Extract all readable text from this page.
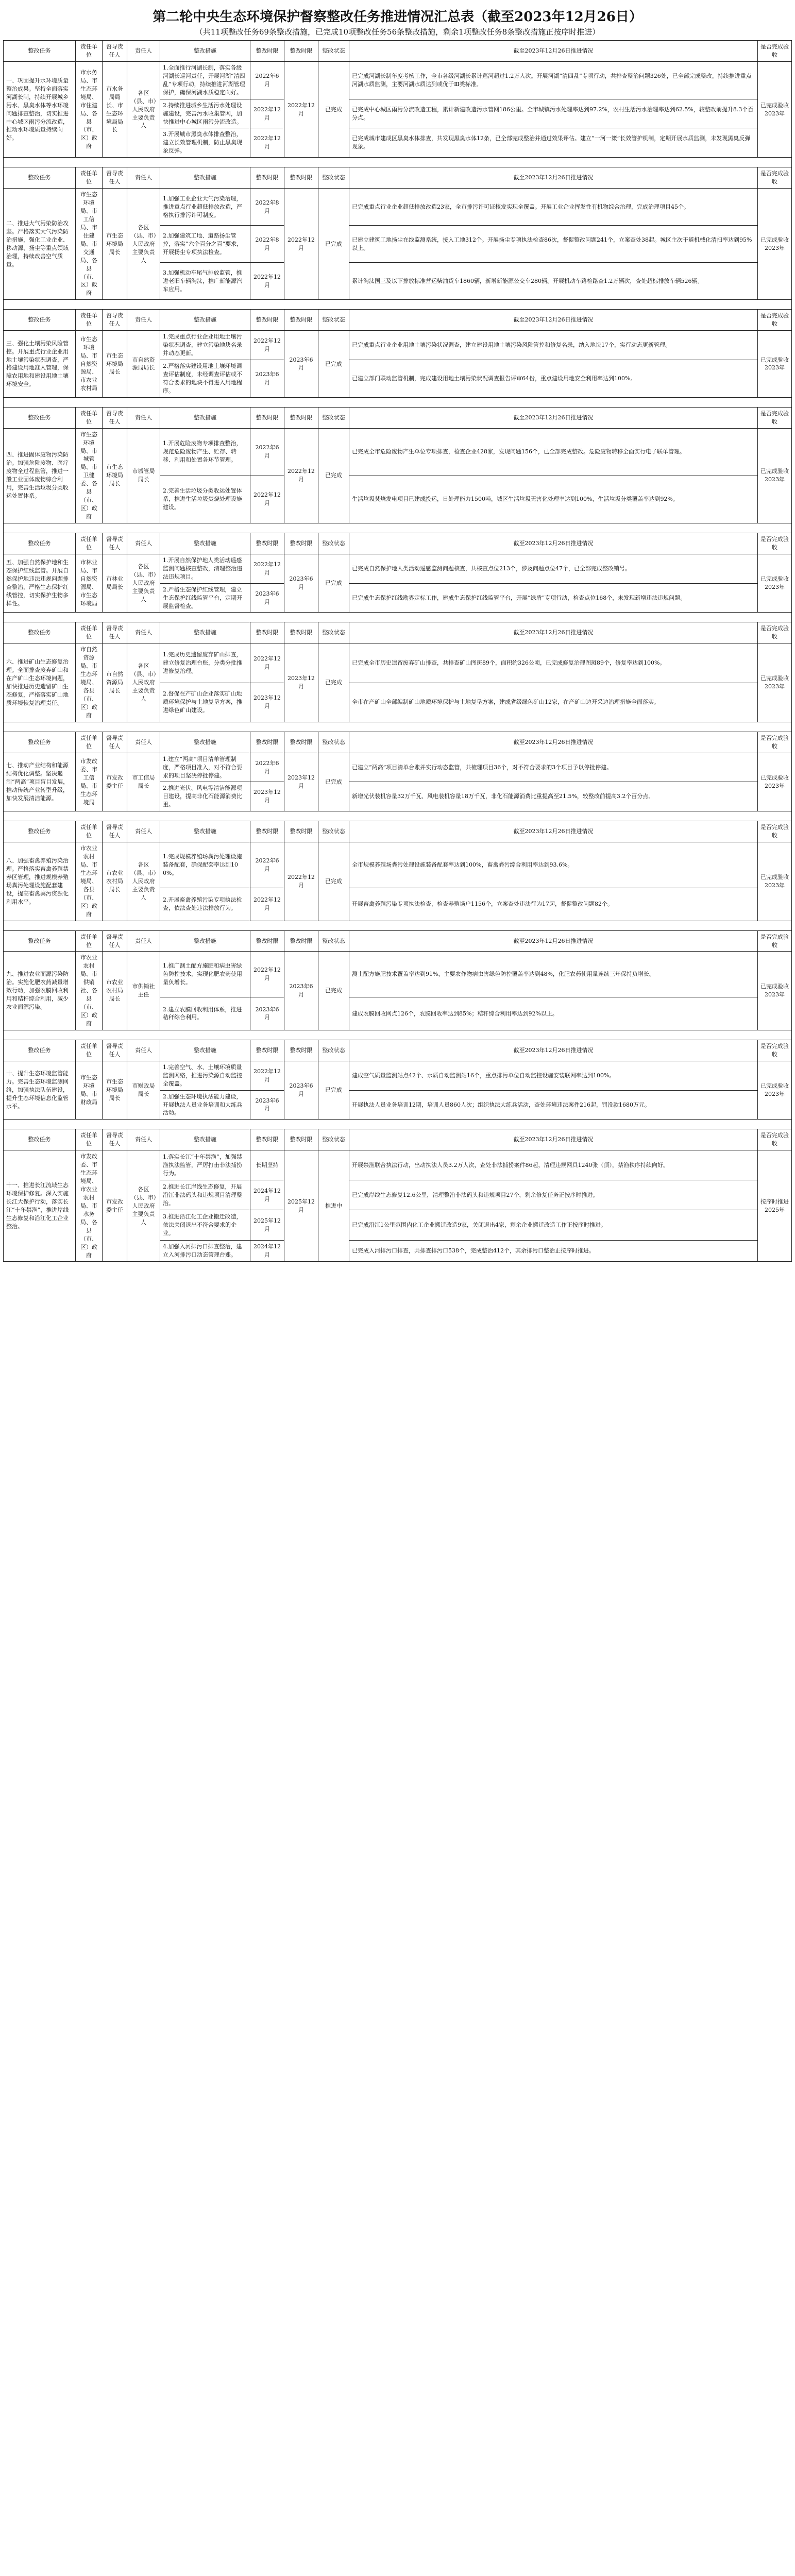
第二轮中央生态环境保护督察整改任务推进情况汇总表（截至2023年12月26日）
（共11项整改任务69条整改措施，已完成10项整改任务56条整改措施，剩余1项整改任务8条整改措施正按序时推进）
整改任务	责任单位	督导责任人	责任人	整改措施	整改时限	整改时限	整改状态	截至2023年12月26日推进情况	是否完成验收
一、巩固提升水环境质量整治成果。坚持全面落实河湖长制，持续开展城乡污水、黑臭水体等水环境问题排查整治，切实推进中心城区雨污分流改造，推动水环境质量持续向好。	市水务局、市生态环境局、市住建局、各县（市、区）政府	市水务局局长、市生态环境局局长	各区（县、市）人民政府主要负责人	1.全面推行河湖长制，落实各级河湖长巡河责任，开展河湖“清四乱”专项行动，持续推进河湖管理保护，确保河湖水质稳定向好。	2022年6月	2022年12月	已完成	已完成河湖长制年度考核工作，全市各级河湖长累计巡河超过1.2万人次。开展河湖“清四乱”专项行动，共排查整治问题326处，已全部完成整改。持续推进重点河湖水质监测，主要河湖水质达到或优于Ⅲ类标准。	已完成验收
2023年

				2.持续推进城乡生活污水处理设施建设，完善污水收集管网，加快推进中心城区雨污分流改造。	2022年12月			已完成中心城区雨污分流改造工程，累计新建改造污水管网186公里。全市城镇污水处理率达到97.2%，农村生活污水治理率达到62.5%，较整改前提升8.3个百分点。	
				3.开展城市黑臭水体排查整治，建立长效管理机制，防止黑臭现象反弹。	2022年12月			已完成城市建成区黑臭水体排查，共发现黑臭水体12条，已全部完成整治并通过效果评估。建立“一河一策”长效管护机制，定期开展水质监测，未发现黑臭反弹现象。	

整改任务	责任单位	督导责任人	责任人	整改措施	整改时限	整改时限	整改状态	截至2023年12月26日推进情况	是否完成验收
二、推进大气污染防治攻坚。严格落实大气污染防治措施，强化工业企业、移动源、扬尘等重点领域治理，持续改善空气质量。	市生态环境局、市工信局、市住建局、市交通局、各县（市、区）政府	市生态环境局局长	各区（县、市）人民政府主要负责人	1.加强工业企业大气污染治理，推进重点行业超低排放改造，严格执行排污许可制度。	2022年8月	2022年12月	已完成	已完成重点行业企业超低排放改造23家，全市排污许可证核发实现全覆盖。开展工业企业挥发性有机物综合治理，完成治理项目45个。	已完成验收
2023年

				2.加强建筑工地、道路扬尘管控，落实“六个百分之百”要求，开展扬尘专项执法检查。	2022年8月			已建立建筑工地扬尘在线监测系统，接入工地312个。开展扬尘专项执法检查86次，督促整改问题241个，立案查处38起。城区主次干道机械化清扫率达到95%以上。	
				3.加强机动车尾气排放监管，推进老旧车辆淘汰，推广新能源汽车应用。	2022年12月			累计淘汰国三及以下排放标准营运柴油货车1860辆，新增新能源公交车280辆。开展机动车路检路查1.2万辆次，查处超标排放车辆526辆。	

整改任务	责任单位	督导责任人	责任人	整改措施	整改时限	整改时限	整改状态	截至2023年12月26日推进情况	是否完成验收
三、强化土壤污染风险管控。开展重点行业企业用地土壤污染状况调查，严格建设用地准入管理，保障农用地和建设用地土壤环境安全。	市生态环境局、市自然资源局、市农业农村局	市生态环境局局长	市自然资源局局长	1.完成重点行业企业用地土壤污染状况调查，建立污染地块名录并动态更新。	2022年12月	2023年6月	已完成	已完成重点行业企业用地土壤污染状况调查，建立建设用地土壤污染风险管控和修复名录，纳入地块17个，实行动态更新管理。	已完成验收
2023年

				2.严格落实建设用地土壤环境调查评估制度，未经调查评估或不符合要求的地块不得进入用地程序。	2023年6月			已建立部门联动监管机制，完成建设用地土壤污染状况调查报告评审64份，重点建设用地安全利用率达到100%。	

整改任务	责任单位	督导责任人	责任人	整改措施	整改时限	整改时限	整改状态	截至2023年12月26日推进情况	是否完成验收
四、推进固体废物污染防治。加强危险废物、医疗废物全过程监管，推进一般工业固体废物综合利用，完善生活垃圾分类收运处置体系。	市生态环境局、市城管局、市卫健委、各县（市、区）政府	市生态环境局局长	市城管局局长	1.开展危险废物专项排查整治，规范危险废物产生、贮存、转移、利用和处置各环节管理。	2022年6月	2022年12月	已完成	已完成全市危险废物产生单位专项排查，检查企业428家，发现问题156个，已全部完成整改。危险废物转移全面实行电子联单管理。	已完成验收
2023年

				2.完善生活垃圾分类收运处置体系，推进生活垃圾焚烧处理设施建设。	2022年12月			生活垃圾焚烧发电项目已建成投运，日处理能力1500吨，城区生活垃圾无害化处理率达到100%，生活垃圾分类覆盖率达到92%。	

整改任务	责任单位	督导责任人	责任人	整改措施	整改时限	整改时限	整改状态	截至2023年12月26日推进情况	是否完成验收
五、加强自然保护地和生态保护红线监管。开展自然保护地违法违规问题排查整治，严格生态保护红线管控，切实保护生物多样性。	市林业局、市自然资源局、市生态环境局	市林业局局长	各区（县、市）人民政府主要负责人	1.开展自然保护地人类活动遥感监测问题核查整改，清理整治违法违规项目。	2022年12月	2023年6月	已完成	已完成自然保护地人类活动遥感监测问题核查，共核查点位213个，涉及问题点位47个，已全部完成整改销号。	已完成验收
2023年

				2.严格生态保护红线管理，建立生态保护红线监管平台，定期开展监督检查。	2023年6月			已完成生态保护红线勘界定标工作，建成生态保护红线监管平台，开展“绿盾”专项行动，检查点位168个，未发现新增违法违规问题。	

整改任务	责任单位	督导责任人	责任人	整改措施	整改时限	整改时限	整改状态	截至2023年12月26日推进情况	是否完成验收
六、推进矿山生态修复治理。全面排查废弃矿山和在产矿山生态环境问题，加快推进历史遗留矿山生态修复，严格落实矿山地质环境恢复治理责任。	市自然资源局、市生态环境局、各县（市、区）政府	市自然资源局局长	各区（县、市）人民政府主要负责人	1.完成历史遗留废弃矿山排查，建立修复治理台账，分类分批推进修复治理。	2022年12月	2023年12月	已完成	已完成全市历史遗留废弃矿山排查，共排查矿山图斑89个，面积约326公顷，已完成修复治理图斑89个，修复率达到100%。	已完成验收
2023年

				2.督促在产矿山企业落实矿山地质环境保护与土地复垦方案，推进绿色矿山建设。	2023年12月			全市在产矿山全部编制矿山地质环境保护与土地复垦方案，建成省级绿色矿山12家，在产矿山边开采边治理措施全面落实。	

整改任务	责任单位	督导责任人	责任人	整改措施	整改时限	整改时限	整改状态	截至2023年12月26日推进情况	是否完成验收
七、推动产业结构和能源结构优化调整。坚决遏制“两高”项目盲目发展，推动传统产业转型升级，加快发展清洁能源。	市发改委、市工信局、市生态环境局	市发改委主任	市工信局局长	1.建立“两高”项目清单管理制度，严格项目准入，对不符合要求的项目坚决停批停建。	2022年6月	2023年12月	已完成	已建立“两高”项目清单台账并实行动态监管，共梳理项目36个，对不符合要求的3个项目予以停批停建。	已完成验收
2023年

				2.推进光伏、风电等清洁能源项目建设，提高非化石能源消费比重。	2023年12月			新增光伏装机容量32万千瓦、风电装机容量18万千瓦，非化石能源消费比重提高至21.5%，较整改前提高3.2个百分点。	

整改任务	责任单位	督导责任人	责任人	整改措施	整改时限	整改时限	整改状态	截至2023年12月26日推进情况	是否完成验收
八、加强畜禽养殖污染治理。严格落实畜禽养殖禁养区管理，推进规模养殖场粪污处理设施配套建设，提高畜禽粪污资源化利用水平。	市农业农村局、市生态环境局、各县（市、区）政府	市农业农村局局长	各区（县、市）人民政府主要负责人	1.完成规模养殖场粪污处理设施装备配套，确保配套率达到100%。	2022年6月	2022年12月	已完成	全市规模养殖场粪污处理设施装备配套率达到100%，畜禽粪污综合利用率达到93.6%。	已完成验收
2023年

				2.开展畜禽养殖污染专项执法检查，依法查处违法排放行为。	2022年12月			开展畜禽养殖污染专项执法检查，检查养殖场户1156个，立案查处违法行为17起，督促整改问题82个。	

整改任务	责任单位	督导责任人	责任人	整改措施	整改时限	整改时限	整改状态	截至2023年12月26日推进情况	是否完成验收
九、推进农业面源污染防治。实施化肥农药减量增效行动，加强农膜回收利用和秸秆综合利用，减少农业面源污染。	市农业农村局、市供销社、各县（市、区）政府	市农业农村局局长	市供销社主任	1.推广测土配方施肥和病虫害绿色防控技术，实现化肥农药使用量负增长。	2022年12月	2023年6月	已完成	测土配方施肥技术覆盖率达到91%，主要农作物病虫害绿色防控覆盖率达到48%，化肥农药使用量连续三年保持负增长。	已完成验收
2023年

				2.建立农膜回收利用体系，推进秸秆综合利用。	2023年6月			建成农膜回收网点126个，农膜回收率达到85%；秸秆综合利用率达到92%以上。	

整改任务	责任单位	督导责任人	责任人	整改措施	整改时限	整改时限	整改状态	截至2023年12月26日推进情况	是否完成验收
十、提升生态环境监管能力。完善生态环境监测网络，加强执法队伍建设，提升生态环境信息化监管水平。	市生态环境局、市财政局	市生态环境局局长	市财政局局长	1.完善空气、水、土壤环境质量监测网络，推进污染源自动监控全覆盖。	2022年12月	2023年6月	已完成	建成空气质量监测站点42个、水质自动监测站16个，重点排污单位自动监控设施安装联网率达到100%。	已完成验收
2023年

				2.加强生态环境执法能力建设，开展执法人员业务培训和大练兵活动。	2023年6月			开展执法人员业务培训12期，培训人员860人次；组织执法大练兵活动，查处环境违法案件216起，罚没款1680万元。	

整改任务	责任单位	督导责任人	责任人	整改措施	整改时限	整改时限	整改状态	截至2023年12月26日推进情况	是否完成验收
十一、推进长江流域生态环境保护修复。深入实施长江大保护行动，落实长江“十年禁渔”，推进岸线生态修复和沿江化工企业整治。	市发改委、市生态环境局、市农业农村局、市水务局、各县（市、区）政府	市发改委主任	各区（县、市）人民政府主要负责人	1.落实长江“十年禁渔”，加强禁渔执法监管，严厉打击非法捕捞行为。	长期坚持	2025年12月	推进中	开展禁渔联合执法行动，出动执法人员3.2万人次，查处非法捕捞案件86起，清理违规网具1240张（顶），禁渔秩序持续向好。	按序时推进
2025年

				2.推进长江岸线生态修复，开展沿江非法码头和违规项目清理整治。	2024年12月			已完成岸线生态修复12.6公里，清理整治非法码头和违规项目27个，剩余修复任务正按序时推进。	
				3.推进沿江化工企业搬迁改造，依法关闭退出不符合要求的企业。	2025年12月			已完成沿江1公里范围内化工企业搬迁改造9家，关闭退出4家，剩余企业搬迁改造工作正按序时推进。	
				4.加强入河排污口排查整治，建立入河排污口动态管理台账。	2024年12月			已完成入河排污口排查，共排查排污口538个，完成整治412个，其余排污口整治正按序时推进。	
